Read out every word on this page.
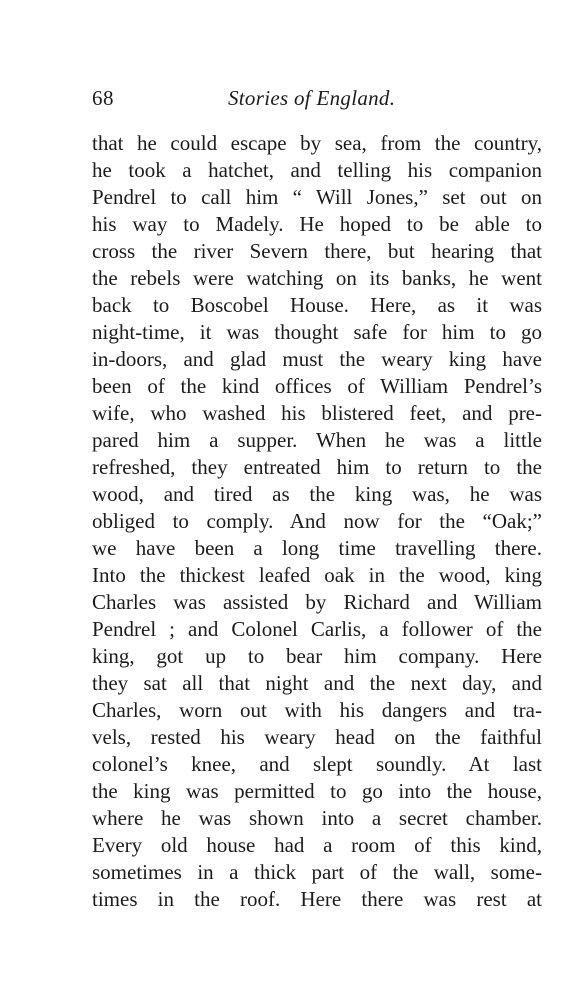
68	Stories of England.
that he could escape by sea, from the country,
he took a hatchet, and telling his companion
Pendrel to call him “ Will Jones,” set out on
his way to Madely. He hoped to be able to
cross the river Severn there, but hearing that
the rebels were watching on its banks, he went
back to Boscobel House. Here, as it was
night-time, it was thought safe for him to go
in-doors, and glad must the weary king have
been of the kind offices of William Pendrel’s
wife, who washed his blistered feet, and pre-
pared him a supper. When he was a little
refreshed, they entreated him to return to the
wood, and tired as the king was, he was
obliged to comply. And now for the “Oak;”
we have been a long time travelling there.
Into the thickest leafed oak in the wood, king
Charles was assisted by Richard and William
Pendrel ; and Colonel Carlis, a follower of the
king, got up to bear him company. Here
they sat all that night and the next day, and
Charles, worn out with his dangers and tra-
vels, rested his weary head on the faithful
colonel’s knee, and slept soundly. At last
the king was permitted to go into the house,
where he was shown into a secret chamber.
Every old house had a room of this kind,
sometimes in a thick part of the wall, some-
times in the roof. Here there was rest at
